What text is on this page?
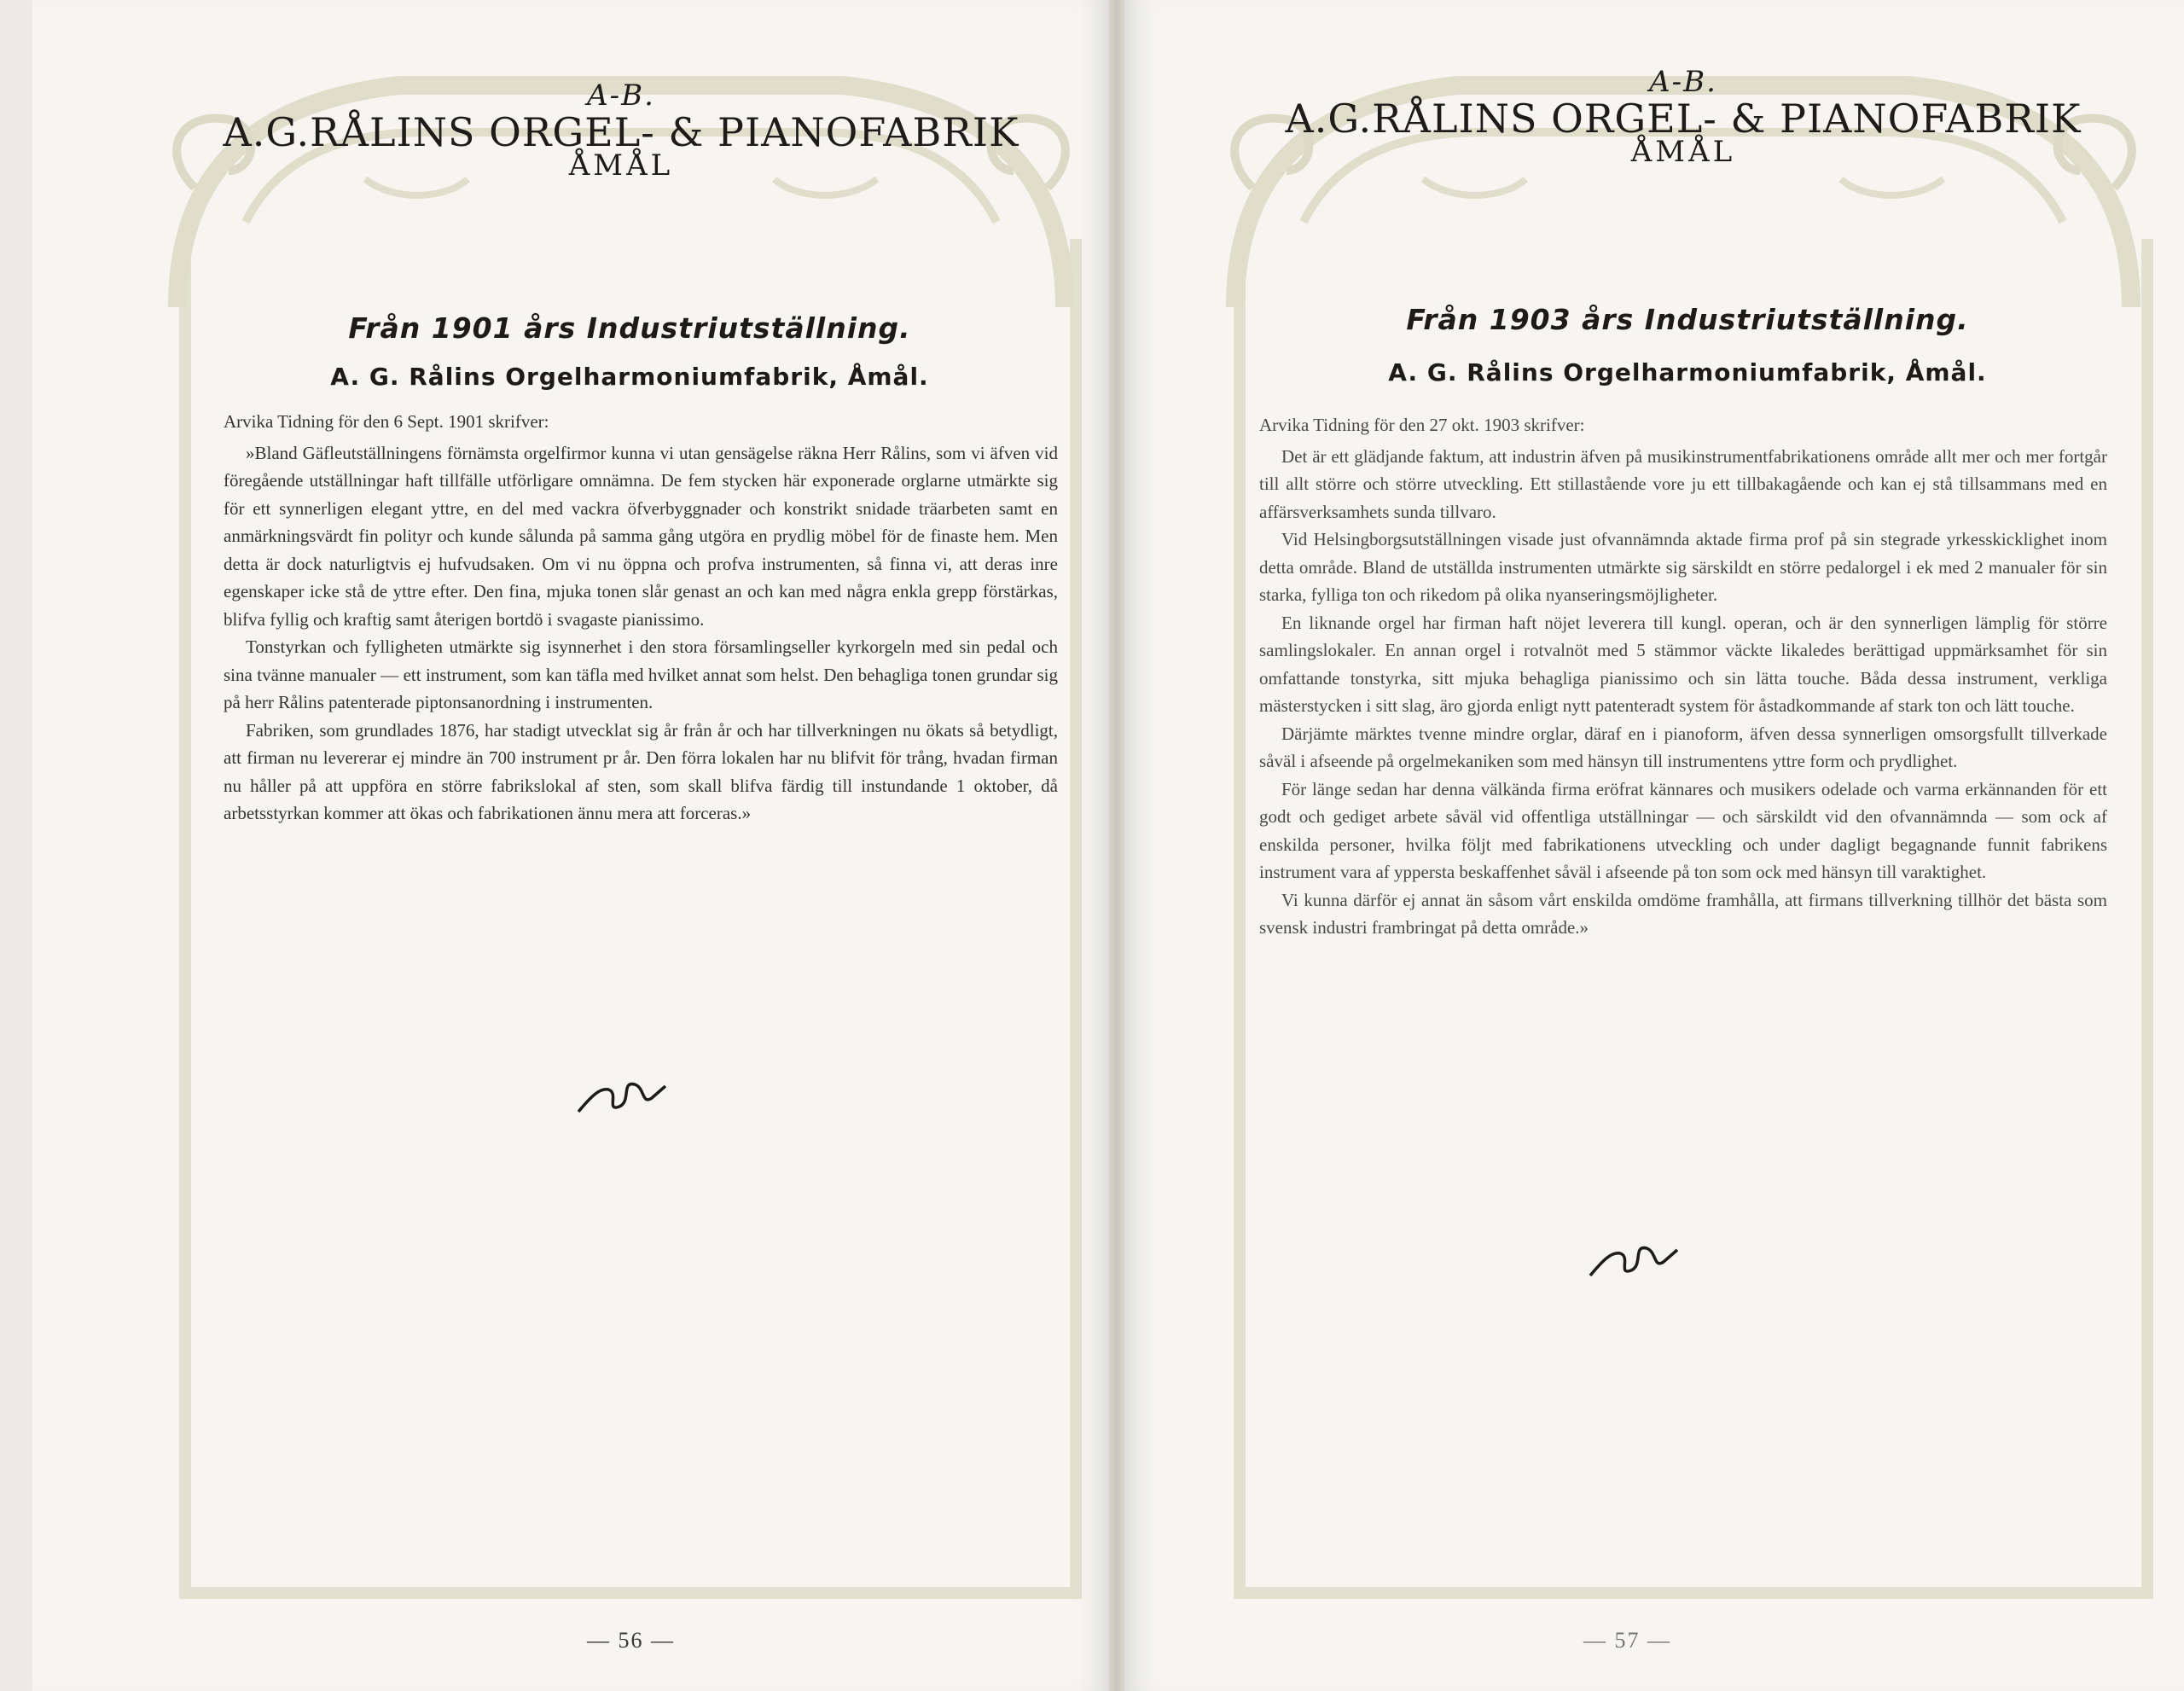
A-B.
A.G.RÅLINS ORGEL- & PIANOFABRIK
ÅMÅL
Från 1901 års Industriutställning.
A. G. Rålins Orgelharmoniumfabrik, Åmål.

Arvika Tidning för den 6 Sept. 1901 skrifver:

»Bland Gäfleutställningens förnämsta orgelfirmor kunna vi utan gensägelse räkna Herr Rålins, som vi äfven vid föregående utställningar haft tillfälle utförligare omnämna. De fem stycken här exponerade orglarne utmärkte sig för ett synnerligen elegant yttre, en del med vackra öfverbyggnader och konstrikt snidade träarbeten samt en anmärkningsvärdt fin polityr och kunde sålunda på samma gång utgöra en prydlig möbel för de finaste hem. Men detta är dock naturligtvis ej hufvudsaken. Om vi nu öppna och profva instrumenten, så finna vi, att deras inre egenskaper icke stå de yttre efter. Den fina, mjuka tonen slår genast an och kan med några enkla grepp förstärkas, blifva fyllig och kraftig samt återigen bortdö i svagaste pianissimo.

Tonstyrkan och fylligheten utmärkte sig isynnerhet i den stora församlingseller kyrkorgeln med sin pedal och sina tvänne manualer — ett instrument, som kan täfla med hvilket annat som helst. Den behagliga tonen grundar sig på herr Rålins patenterade piptonsanordning i instrumenten.

Fabriken, som grundlades 1876, har stadigt utvecklat sig år från år och har tillverkningen nu ökats så betydligt, att firman nu levererar ej mindre än 700 instrument pr år. Den förra lokalen har nu blifvit för trång, hvadan firman nu håller på att uppföra en större fabrikslokal af sten, som skall blifva färdig till instundande 1 oktober, då arbetsstyrkan kommer att ökas och fabrikationen ännu mera att forceras.»

— 56 —
A-B.
A.G.RÅLINS ORGEL- & PIANOFABRIK
ÅMÅL
Från 1903 års Industriutställning.
A. G. Rålins Orgelharmoniumfabrik, Åmål.

Arvika Tidning för den 27 okt. 1903 skrifver:

Det är ett glädjande faktum, att industrin äfven på musikinstrumentfabrikationens område allt mer och mer fortgår till allt större och större utveckling. Ett stillastående vore ju ett tillbakagående och kan ej stå tillsammans med en affärsverksamhets sunda tillvaro.

Vid Helsingborgsutställningen visade just ofvannämnda aktade firma prof på sin stegrade yrkesskicklighet inom detta område. Bland de utställda instrumenten utmärkte sig särskildt en större pedalorgel i ek med 2 manualer för sin starka, fylliga ton och rikedom på olika nyanseringsmöjligheter.

En liknande orgel har firman haft nöjet leverera till kungl. operan, och är den synnerligen lämplig för större samlingslokaler. En annan orgel i rotvalnöt med 5 stämmor väckte likaledes berättigad uppmärksamhet för sin omfattande tonstyrka, sitt mjuka behagliga pianissimo och sin lätta touche. Båda dessa instrument, verkliga mästerstycken i sitt slag, äro gjorda enligt nytt patenteradt system för åstadkommande af stark ton och lätt touche.

Därjämte märktes tvenne mindre orglar, däraf en i pianoform, äfven dessa synnerligen omsorgsfullt tillverkade såväl i afseende på orgelmekaniken som med hänsyn till instrumentens yttre form och prydlighet.

För länge sedan har denna välkända firma eröfrat kännares och musikers odelade och varma erkännanden för ett godt och gediget arbete såväl vid offentliga utställningar — och särskildt vid den ofvannämnda — som ock af enskilda personer, hvilka följt med fabrikationens utveckling och under dagligt begagnande funnit fabrikens instrument vara af yppersta beskaffenhet såväl i afseende på ton som ock med hänsyn till varaktighet.

Vi kunna därför ej annat än såsom vårt enskilda omdöme framhålla, att firmans tillverkning tillhör det bästa som svensk industri frambringat på detta område.»

— 57 —
